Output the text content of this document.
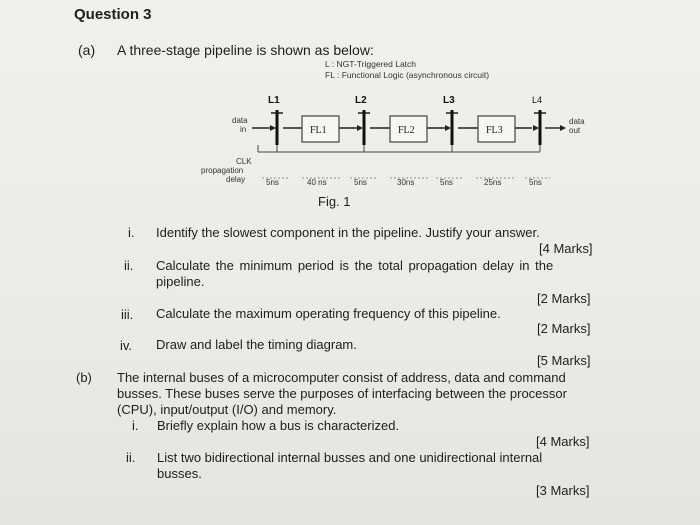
Question 3
(a) A three-stage pipeline is shown as below:
L : NGT-Triggered Latch
FL : Functional Logic (asynchronous circuit)
L1	L2	L3	L4
data
in	FL1	FL2	FL3
data
out
CLK
propagation
delay	5ns	40 ns	5ns	30ns	5ns	25ns	5ns
Fig. 1
i. Identify the slowest component in the pipeline. Justify your answer.
[4 Marks]
ii. Calculate the minimum period is the total propagation delay in the
pipeline.
[2 Marks]
iii. Calculate the maximum operating frequency of this pipeline.
[2 Marks]
iv. Draw and label the timing diagram.
[5 Marks]
(b) The internal buses of a microcomputer consist of address, data and command
busses. These buses serve the purposes of interfacing between the processor
(CPU), input/output (I/O) and memory.
i. Briefly explain how a bus is characterized.
[4 Marks]
ii. List two bidirectional internal busses and one unidirectional internal
busses.
[3 Marks]
